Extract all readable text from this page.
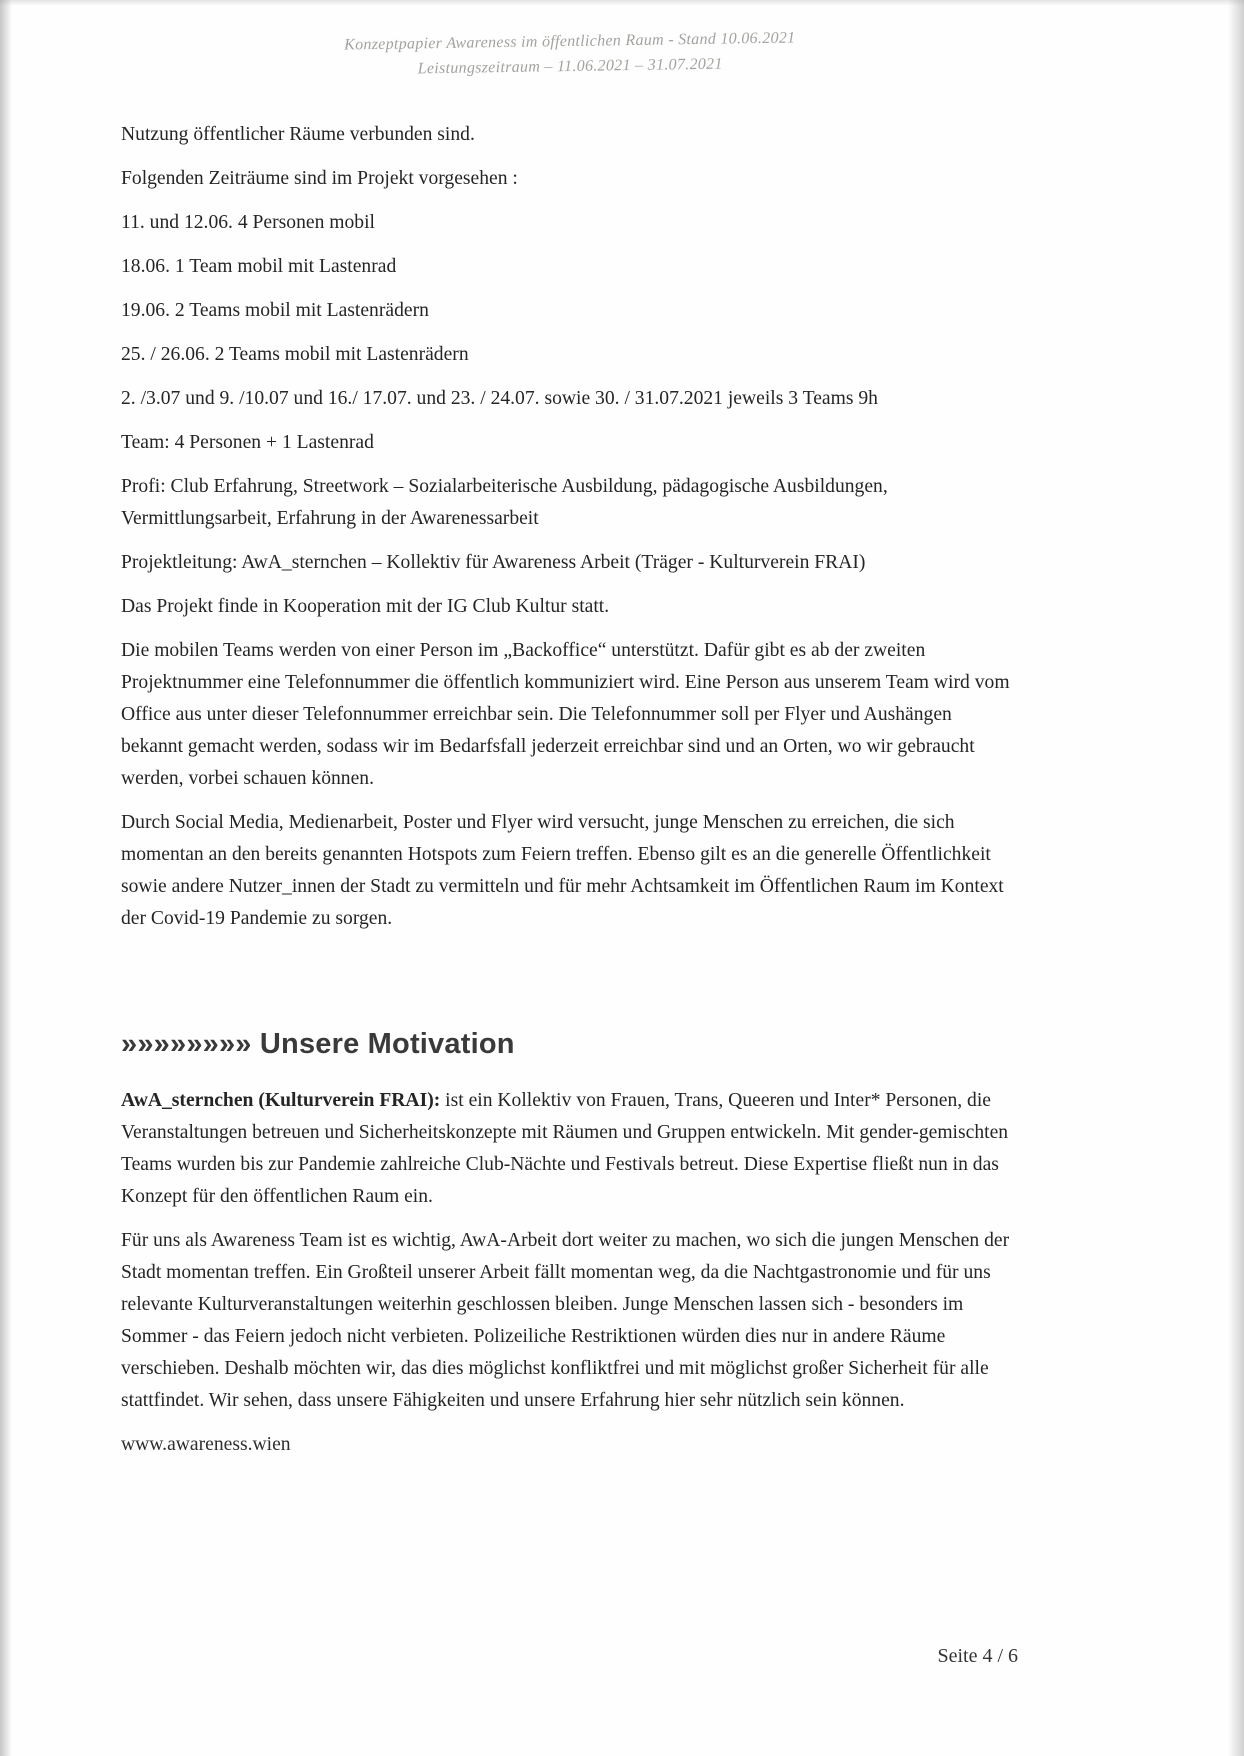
Konzeptpapier Awareness im öffentlichen Raum - Stand 10.06.2021
Leistungszeitraum – 11.06.2021 – 31.07.2021

Nutzung öffentlicher Räume verbunden sind.

Folgenden Zeiträume sind im Projekt vorgesehen :

11. und 12.06. 4 Personen mobil

18.06. 1 Team mobil mit Lastenrad

19.06. 2 Teams mobil mit Lastenrädern

25. / 26.06. 2 Teams mobil mit Lastenrädern

2. /3.07 und 9. /10.07 und 16./ 17.07. und 23. / 24.07. sowie 30. / 31.07.2021 jeweils 3 Teams 9h

Team: 4 Personen + 1 Lastenrad

Profi: Club Erfahrung, Streetwork – Sozialarbeiterische Ausbildung, pädagogische Ausbildungen, Vermittlungsarbeit, Erfahrung in der Awarenessarbeit

Projektleitung: AwA_sternchen – Kollektiv für Awareness Arbeit (Träger - Kulturverein FRAI)

Das Projekt finde in Kooperation mit der IG Club Kultur statt.

Die mobilen Teams werden von einer Person im „Backoffice“ unterstützt. Dafür gibt es ab der zweiten Projektnummer eine Telefonnummer die öffentlich kommuniziert wird. Eine Person aus unserem Team wird vom Office aus unter dieser Telefonnummer erreichbar sein. Die Telefonnummer soll per Flyer und Aushängen bekannt gemacht werden, sodass wir im Bedarfsfall jederzeit erreichbar sind und an Orten, wo wir gebraucht werden, vorbei schauen können.

Durch Social Media, Medienarbeit, Poster und Flyer wird versucht, junge Menschen zu erreichen, die sich momentan an den bereits genannten Hotspots zum Feiern treffen. Ebenso gilt es an die generelle Öffentlichkeit sowie andere Nutzer_innen der Stadt zu vermitteln und für mehr Achtsamkeit im Öffentlichen Raum im Kontext der Covid-19 Pandemie zu sorgen.

»»»»»»»» Unsere Motivation

AwA_sternchen (Kulturverein FRAI): ist ein Kollektiv von Frauen, Trans, Queeren und Inter* Personen, die Veranstaltungen betreuen und Sicherheitskonzepte mit Räumen und Gruppen entwickeln. Mit gender-gemischten Teams wurden bis zur Pandemie zahlreiche Club-Nächte und Festivals betreut. Diese Expertise fließt nun in das Konzept für den öffentlichen Raum ein.

Für uns als Awareness Team ist es wichtig, AwA-Arbeit dort weiter zu machen, wo sich die jungen Menschen der Stadt momentan treffen. Ein Großteil unserer Arbeit fällt momentan weg, da die Nachtgastronomie und für uns relevante Kulturveranstaltungen weiterhin geschlossen bleiben. Junge Menschen lassen sich - besonders im Sommer - das Feiern jedoch nicht verbieten. Polizeiliche Restriktionen würden dies nur in andere Räume verschieben. Deshalb möchten wir, das dies möglichst konfliktfrei und mit möglichst großer Sicherheit für alle stattfindet. Wir sehen, dass unsere Fähigkeiten und unsere Erfahrung hier sehr nützlich sein können.

www.awareness.wien

Seite 4 / 6
